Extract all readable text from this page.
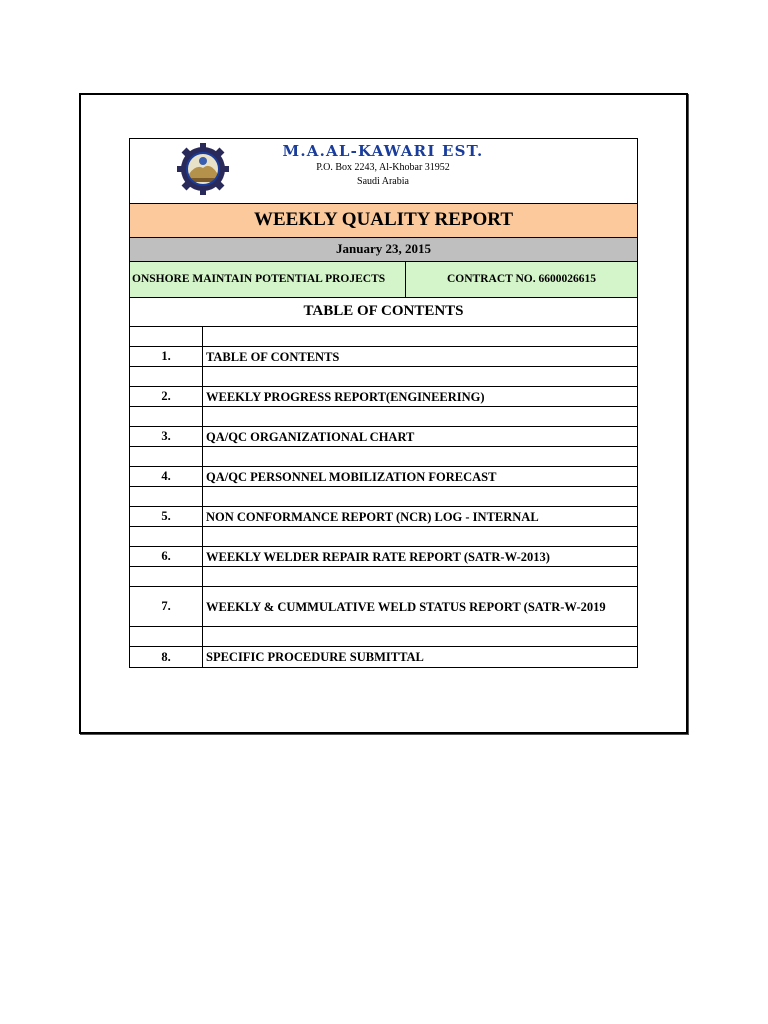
M.A.AL-KAWARI EST.
P.O. Box 2243, Al-Khobar 31952
Saudi Arabia
WEEKLY QUALITY REPORT
January 23, 2015
ONSHORE MAINTAIN POTENTIAL PROJECTS	CONTRACT NO. 6600026615
TABLE OF CONTENTS
1.	TABLE OF CONTENTS
2.	WEEKLY PROGRESS REPORT(ENGINEERING)
3.	QA/QC ORGANIZATIONAL CHART
4.	QA/QC PERSONNEL MOBILIZATION FORECAST
5.	NON CONFORMANCE REPORT (NCR) LOG - INTERNAL
6.	WEEKLY WELDER REPAIR RATE REPORT (SATR-W-2013)
7.	WEEKLY & CUMMULATIVE WELD STATUS REPORT (SATR-W-2019
8.	SPECIFIC PROCEDURE SUBMITTAL
